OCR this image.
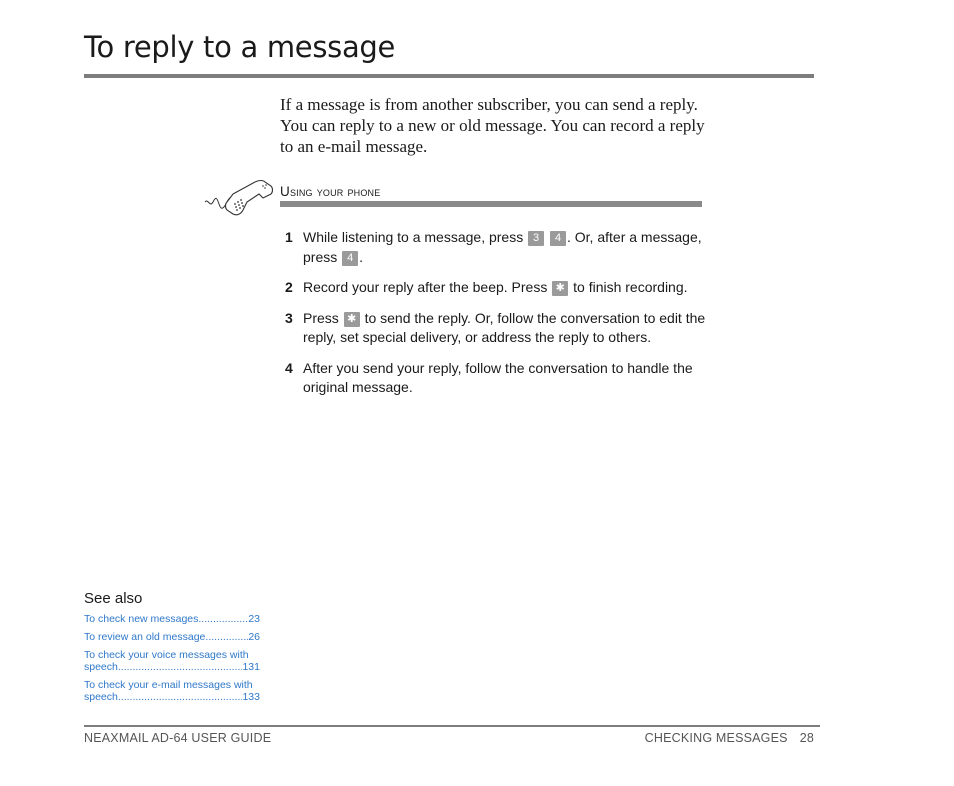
To reply to a message

If a message is from another subscriber, you can send a reply. You can reply to a new or old message. You can record a reply to an e-mail message.

Using your phone
1 While listening to a message, press 3 4 . Or, after a message, press 4 .
2 Record your reply after the beep. Press ✱ to finish recording.
3 Press ✱ to send the reply. Or, follow the conversation to edit the reply, set special delivery, or address the reply to others.
4 After you send your reply, follow the conversation to handle the original message.
See also
To check new messages .....	23
To review an old message .....	26
To check your voice messages with
speech .....	131
To check your e-mail messages with
speech .....	133
NEAXMAIL AD-64 USER GUIDE	CHECKING MESSAGES 28
